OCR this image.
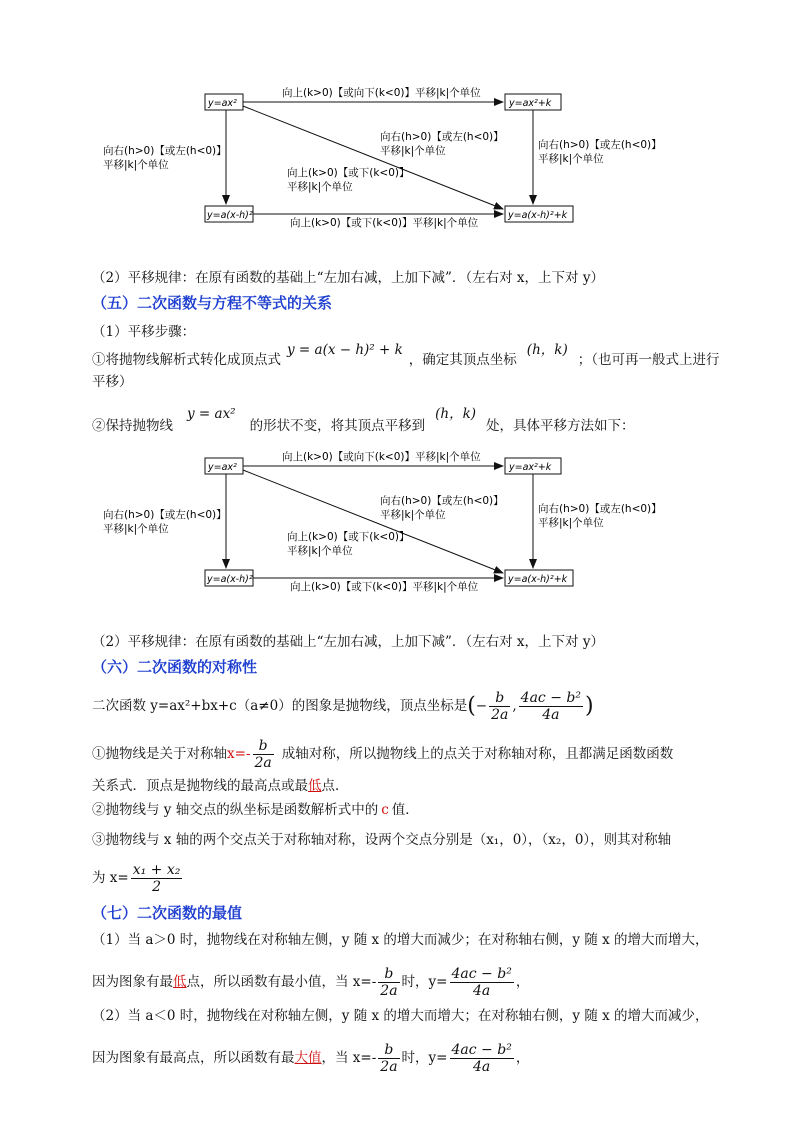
y=ax²	y=ax²+k
y=a(x-h)²	y=a(x-h)²+k
向上(k>0)【或向下(k<0)】平移|k|个单位
向上(k>0)【或下(k<0)】平移|k|个单位
向右(h>0)【或左(h<0)】
平移|k|个单位
向右(h>0)【或左(h<0)】
平移|k|个单位
向右(h>0)【或左(h<0)】
平移|k|个单位
向上(k>0)【或下(k<0)】
平移|k|个单位
（2）平移规律：在原有函数的基础上“左加右减，上加下减”．（左右对 x，上下对 y）
（五）二次函数与方程不等式的关系
（1）平移步骤：
①将抛物线解析式转化成顶点式y = a(x − h)² + k，确定其顶点坐标(h，k)；（也可再一般式上进行
平移）
②保持抛物线y = ax²的形状不变，将其顶点平移到(h，k)处，具体平移方法如下：
y=ax²	y=ax²+k
y=a(x-h)²	y=a(x-h)²+k
向上(k>0)【或向下(k<0)】平移|k|个单位
向上(k>0)【或下(k<0)】平移|k|个单位
向右(h>0)【或左(h<0)】
平移|k|个单位
向右(h>0)【或左(h<0)】
平移|k|个单位
向右(h>0)【或左(h<0)】
平移|k|个单位
向上(k>0)【或下(k<0)】
平移|k|个单位
（2）平移规律：在原有函数的基础上“左加右减，上加下减”．（左右对 x，上下对 y）
（六）二次函数的对称性
二次函数 y=ax²+bx+c（a≠0）的图象是抛物线，顶点坐标是(− $\frac{b}{2a}$ , $\frac{\text{4ac − b²}}{4a}$ )
①抛物线是关于对称轴$x=- \frac{b}{2a}$ 成轴对称，所以抛物线上的点关于对称轴对称，且都满足函数函数
关系式．顶点是抛物线的最高点或最低点．
②抛物线与 y 轴交点的纵坐标是函数解析式中的 c 值．
③抛物线与 x 轴的两个交点关于对称轴对称，设两个交点分别是（x₁，0），（x₂，0），则其对称轴
为 $x= \frac{\text{x₁ + x₂}}{2}$
（七）二次函数的最值
（1）当 a＞0 时，抛物线在对称轴左侧，y 随 x 的增大而减少；在对称轴右侧，y 随 x 的增大而增大，
因为图象有最低点，所以函数有最小值，当 $x=- \frac{b}{2a}$ 时，$y= \frac{\text{4ac − b²}}{4a}$ ，
（2）当 a＜0 时，抛物线在对称轴左侧，y 随 x 的增大而增大；在对称轴右侧，y 随 x 的增大而减少，
因为图象有最高点，所以函数有最大值，当 $x=- \frac{b}{2a}$ 时，$y= \frac{\text{4ac − b²}}{4a}$ ，
